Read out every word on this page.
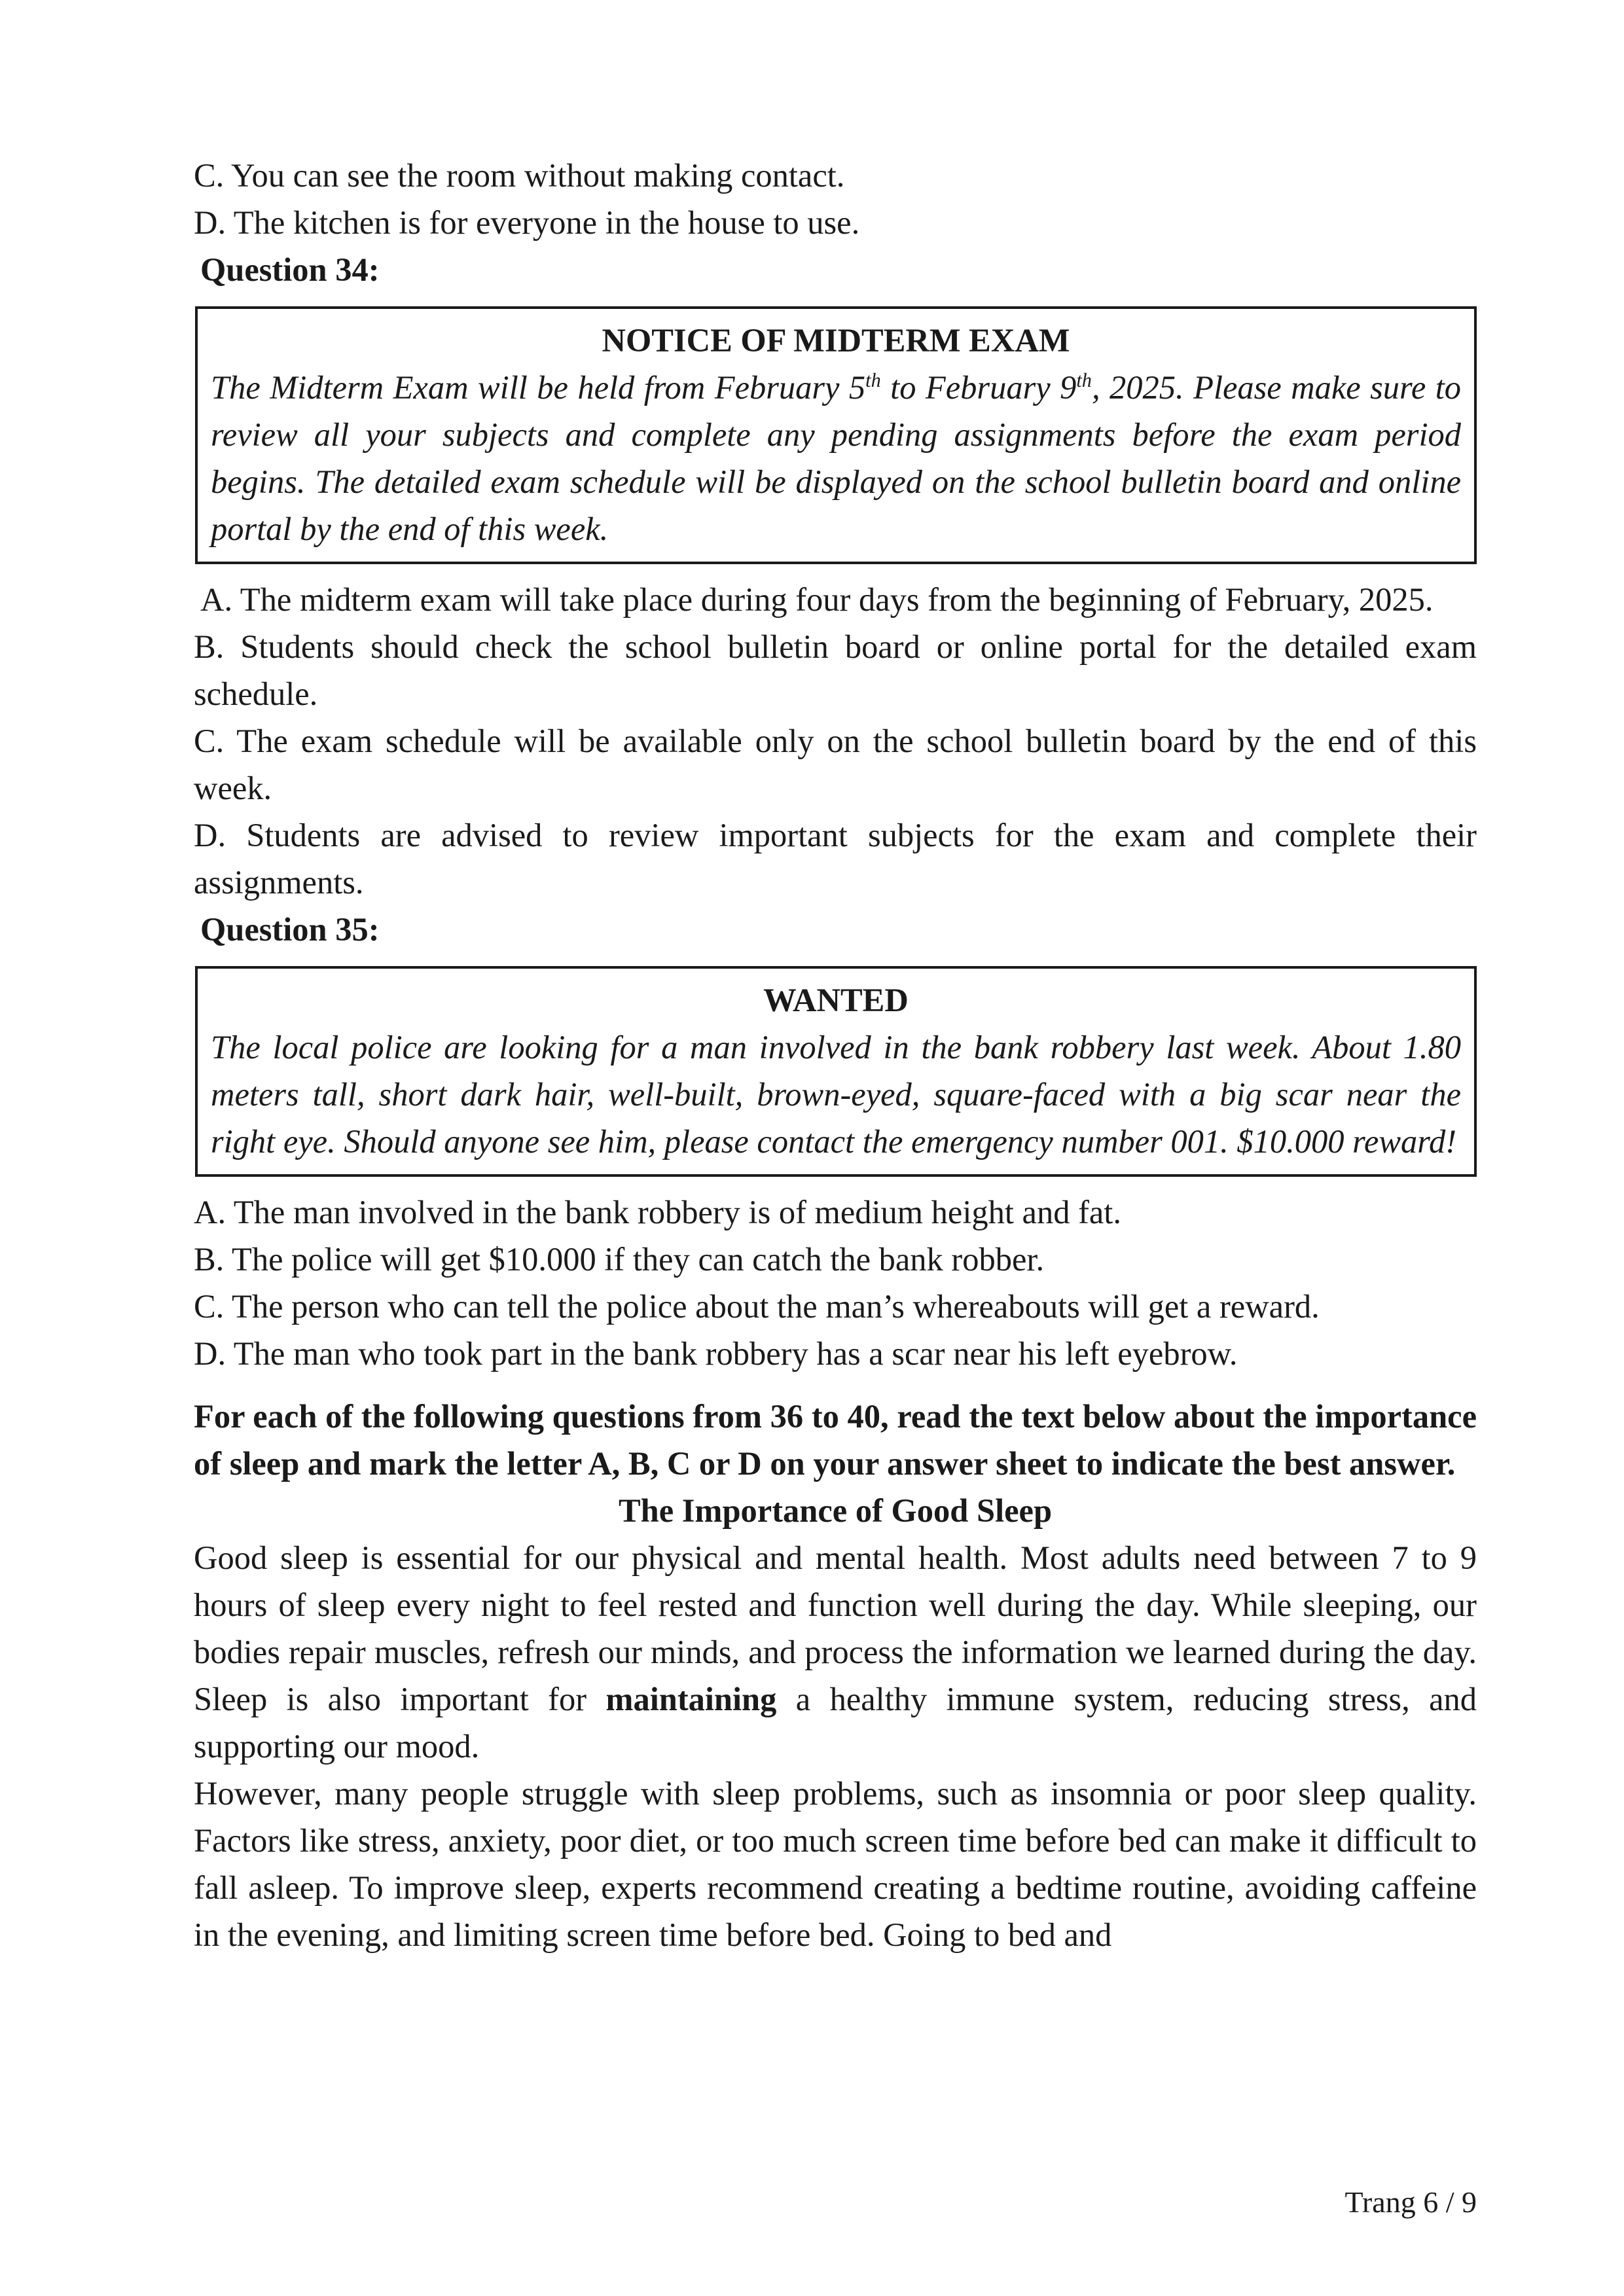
C. You can see the room without making contact.

D. The kitchen is for everyone in the house to use.

Question 34:
NOTICE OF MIDTERM EXAM
The Midterm Exam will be held from February 5th to February 9th, 2025. Please make sure to review all your subjects and complete any pending assignments before the exam period begins. The detailed exam schedule will be displayed on the school bulletin board and online portal by the end of this week.

A. The midterm exam will take place during four days from the beginning of February, 2025.

B. Students should check the school bulletin board or online portal for the detailed exam schedule.

C. The exam schedule will be available only on the school bulletin board by the end of this week.

D. Students are advised to review important subjects for the exam and complete their assignments.

Question 35:
WANTED
The local police are looking for a man involved in the bank robbery last week. About 1.80 meters tall, short dark hair, well-built, brown-eyed, square-faced with a big scar near the right eye. Should anyone see him, please contact the emergency number 001. $10.000 reward!

A. The man involved in the bank robbery is of medium height and fat.

B. The police will get $10.000 if they can catch the bank robber.

C. The person who can tell the police about the man’s whereabouts will get a reward.

D. The man who took part in the bank robbery has a scar near his left eyebrow.

For each of the following questions from 36 to 40, read the text below about the importance of sleep and mark the letter A, B, C or D on your answer sheet to indicate the best answer.

The Importance of Good Sleep

Good sleep is essential for our physical and mental health. Most adults need between 7 to 9 hours of sleep every night to feel rested and function well during the day. While sleeping, our bodies repair muscles, refresh our minds, and process the information we learned during the day. Sleep is also important for maintaining a healthy immune system, reducing stress, and supporting our mood.

However, many people struggle with sleep problems, such as insomnia or poor sleep quality. Factors like stress, anxiety, poor diet, or too much screen time before bed can make it difficult to fall asleep. To improve sleep, experts recommend creating a bedtime routine, avoiding caffeine in the evening, and limiting screen time before bed. Going to bed and

Trang 6 / 9
